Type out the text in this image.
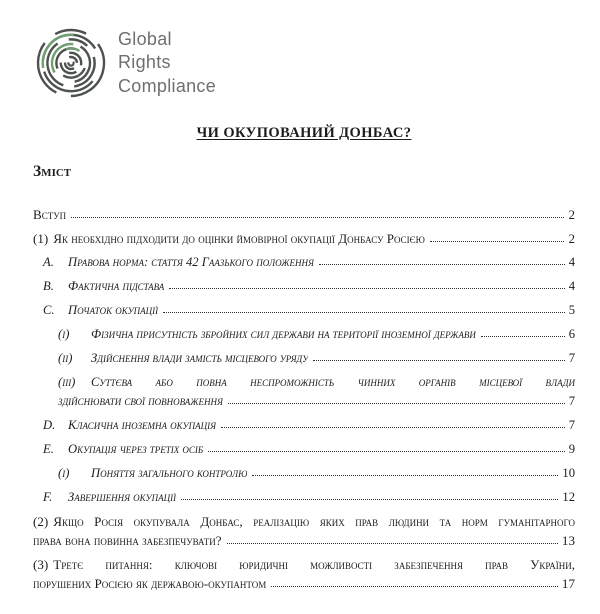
Global
Rights
Compliance
ЧИ ОКУПОВАНИЙ ДОНБАС?
Зміст
Вступ	2
(1) Як необхідно підходити до оцінки ймовірної окупації Донбасу Росією	2
A.	Правова норма: стаття 42 Гаазького положення	4
B.	Фактична підстава	4
C.	Початок окупації	5
(i)	Фізична присутність збройних сил держави на території іноземної держави	6
(ii)	Здійснення влади замість місцевого уряду	7
(iii) Суттєва або повна неспроможність чинних органів місцевої влади
здійснювати свої повноваження	7
D.	Класична іноземна окупація	7
E.	Окупація через третіх осіб	9
(i)	Поняття загального контролю	10
F.	Завершення окупації	12
(2) Якщо Росія окупувала Донбас, реалізацію яких прав людини та норм гуманітарного
права вона повинна забезпечувати?	13
(3) Третє питання: ключові юридичні можливості забезпечення прав України,
порушених Росією як державою-окупантом	17
